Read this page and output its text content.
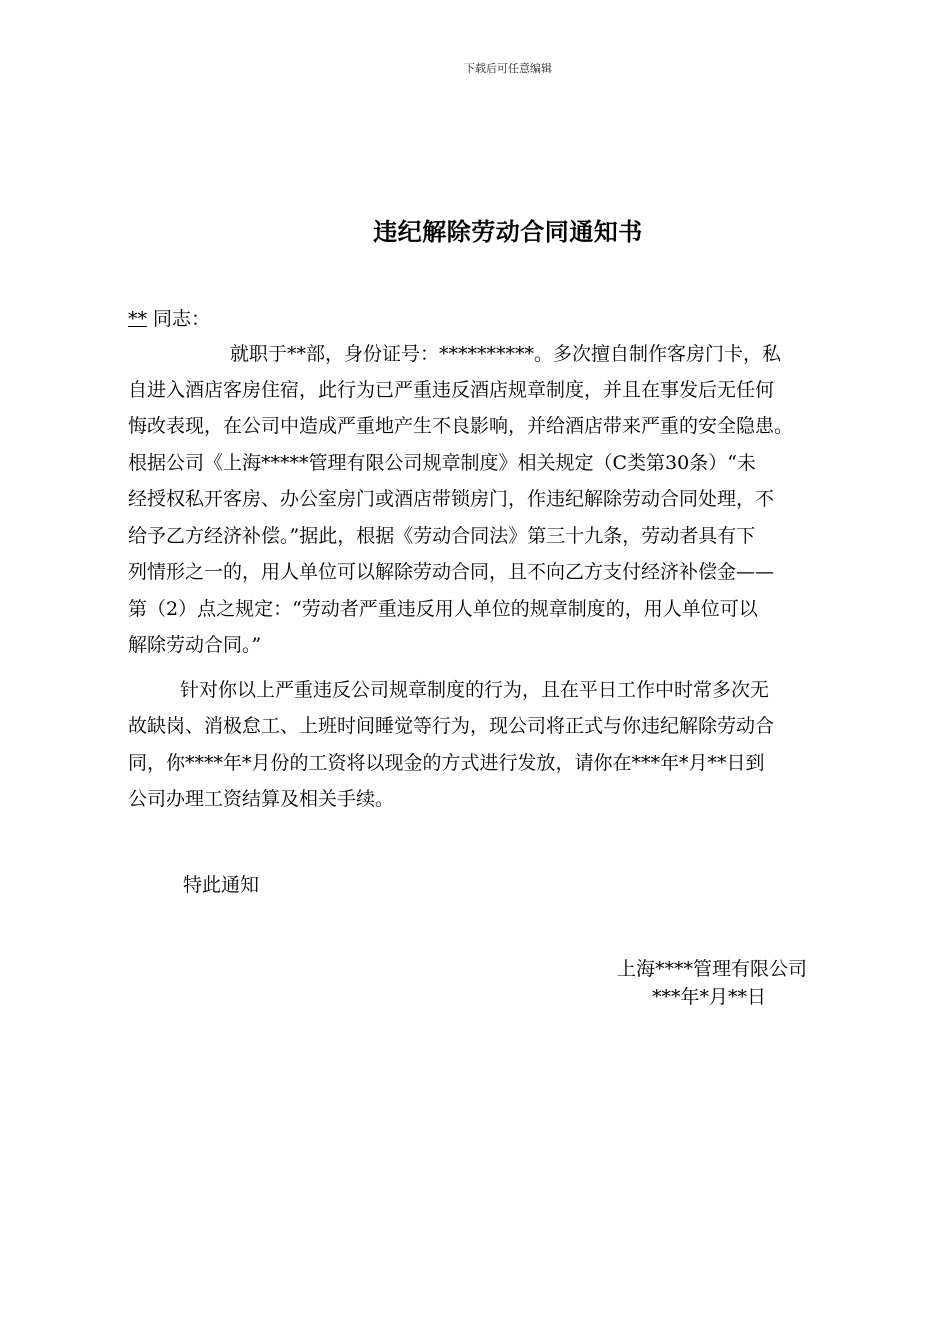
下载后可任意编辑
违纪解除劳动合同通知书
** 同志：
就职于**部，身份证号：**********。多次擅自制作客房门卡，私
自进入酒店客房住宿，此行为已严重违反酒店规章制度，并且在事发后无任何
悔改表现，在公司中造成严重地产生不良影响，并给酒店带来严重的安全隐患。
根据公司《上海*****管理有限公司规章制度》相关规定（C类第30条）“未
经授权私开客房、办公室房门或酒店带锁房门，作违纪解除劳动合同处理，不
给予乙方经济补偿。”据此，根据《劳动合同法》第三十九条，劳动者具有下
列情形之一的，用人单位可以解除劳动合同，且不向乙方支付经济补偿金——
第（2）点之规定：“劳动者严重违反用人单位的规章制度的，用人单位可以
解除劳动合同。”
针对你以上严重违反公司规章制度的行为，且在平日工作中时常多次无
故缺岗、消极怠工、上班时间睡觉等行为，现公司将正式与你违纪解除劳动合
同，你****年*月份的工资将以现金的方式进行发放，请你在***年*月**日到
公司办理工资结算及相关手续。
特此通知
上海****管理有限公司
***年*月**日
